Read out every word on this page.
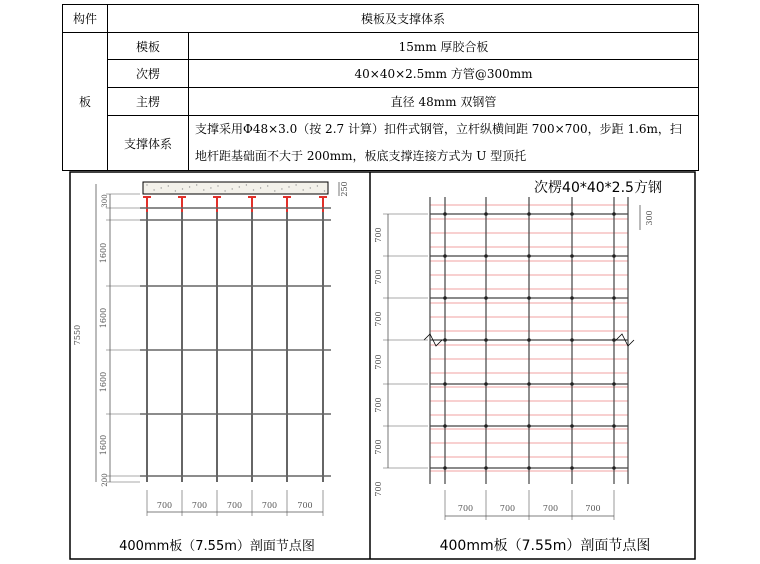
构件	模板及支撑体系	
板	模板	15mm 厚胶合板
	次楞	40×40×2.5mm 方管@300mm
	主楞	直径 48mm 双钢管
	支撑体系	支撑采用Φ48×3.0（按 2.7 计算）扣件式钢管，立杆纵横间距 700×700，步距 1.6m，扫地杆距基础面不大于 200mm，板底支撑连接方式为 U 型顶托
7550
300
1600
1600
1600
1600
200
250
700 700 700 700	700
700
700
700
700
700
700
700
300
700	700	700	700
400mm板（7.55m）剖面节点图	400mm板（7.55m）剖面节点图
次楞40*40*2.5方钢
